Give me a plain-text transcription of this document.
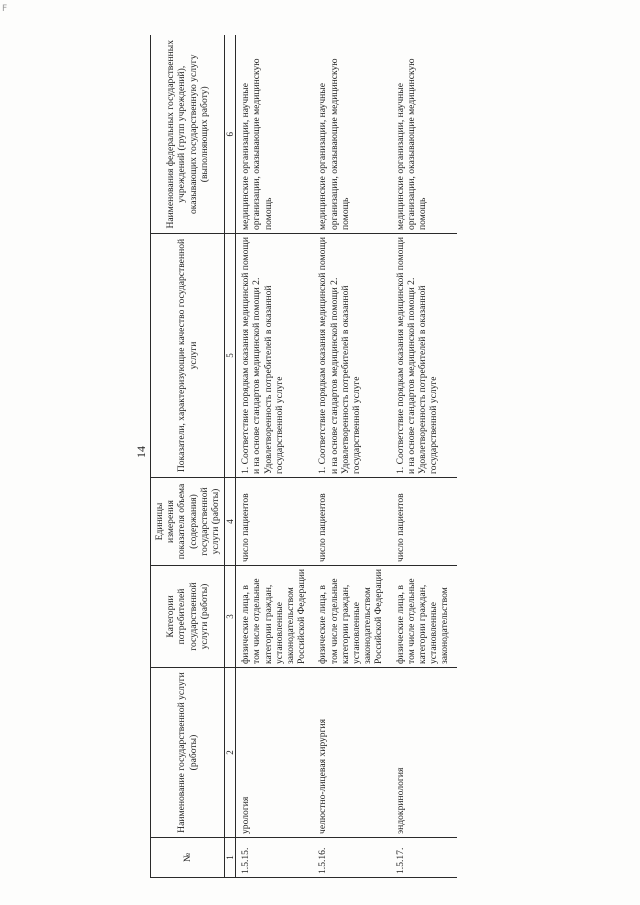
F
14
№	Наименование государственной услуги (работы)	Категории потребителей государственной услуги (работы)	Единицы измерения показателя объема (содержания) государственной услуги (работы)	Показатели, характеризующие качество государственной услуги	Наименования федеральных государственных учреждений (групп учреждений), оказывающих государственную услугу (выполняющих работу)
1	2	3	4	5	6
1.5.15.	урология	физические лица, в том числе отдельные категории граждан, установленные законодательством Российской Федерации	число пациентов	1. Соответствие порядкам оказания медицинской помощи и на основе стандартов медицинской помощи 2. Удовлетворенность потребителей в оказанной государственной услуге	медицинские организации, научные организации, оказывающие медицинскую помощь
1.5.16.	челюстно-лицевая хирургия	физические лица, в том числе отдельные категории граждан, установленные законодательством Российской Федерации	число пациентов	1. Соответствие порядкам оказания медицинской помощи и на основе стандартов медицинской помощи 2. Удовлетворенность потребителей в оказанной государственной услуге	медицинские организации, научные организации, оказывающие медицинскую помощь
1.5.17.	эндокринология	физические лица, в том числе отдельные категории граждан, установленные законодательством	число пациентов	1. Соответствие порядкам оказания медицинской помощи и на основе стандартов медицинской помощи 2. Удовлетворенность потребителей в оказанной государственной услуге	медицинские организации, научные организации, оказывающие медицинскую помощь
